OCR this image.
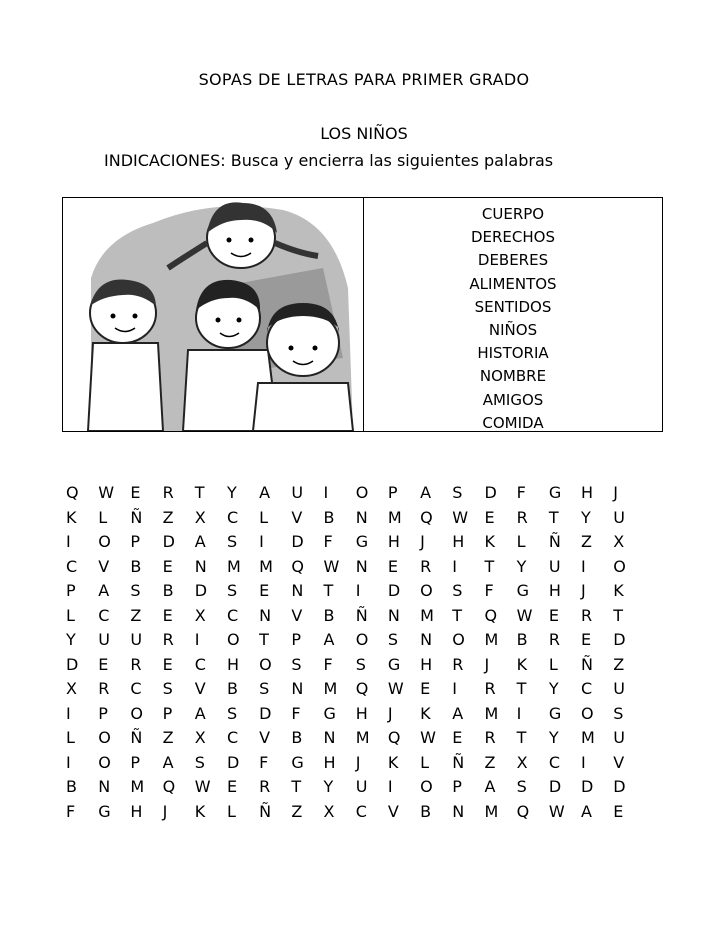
SOPAS DE LETRAS PARA PRIMER GRADO
LOS NIÑOS
INDICACIONES: Busca y encierra las siguientes palabras
CUERPO
DERECHOS
DEBERES
ALIMENTOS
SENTIDOS
NIÑOS
HISTORIA
NOMBRE
AMIGOS
COMIDA
Q	W	E	R	T	Y	A	U	I	O	P	A	S	D	F	G	H	J
K	L	Ñ	Z	X	C	L	V	B	N	M	Q	W	E	R	T	Y	U
I	O	P	D	A	S	I	D	F	G	H	J	H	K	L	Ñ	Z	X
C	V	B	E	N	M	M	Q	W	N	E	R	I	T	Y	U	I	O
P	A	S	B	D	S	E	N	T	I	D	O	S	F	G	H	J	K
L	C	Z	E	X	C	N	V	B	Ñ	N	M	T	Q	W	E	R	T
Y	U	U	R	I	O	T	P	A	O	S	N	O	M	B	R	E	D
D	E	R	E	C	H	O	S	F	S	G	H	R	J	K	L	Ñ	Z
X	R	C	S	V	B	S	N	M	Q	W	E	I	R	T	Y	C	U
I	P	O	P	A	S	D	F	G	H	J	K	A	M	I	G	O	S
L	O	Ñ	Z	X	C	V	B	N	M	Q	W	E	R	T	Y	M	U
I	O	P	A	S	D	F	G	H	J	K	L	Ñ	Z	X	C	I	V
B	N	M	Q	W	E	R	T	Y	U	I	O	P	A	S	D	D	D
F	G	H	J	K	L	Ñ	Z	X	C	V	B	N	M	Q	W	A	E
